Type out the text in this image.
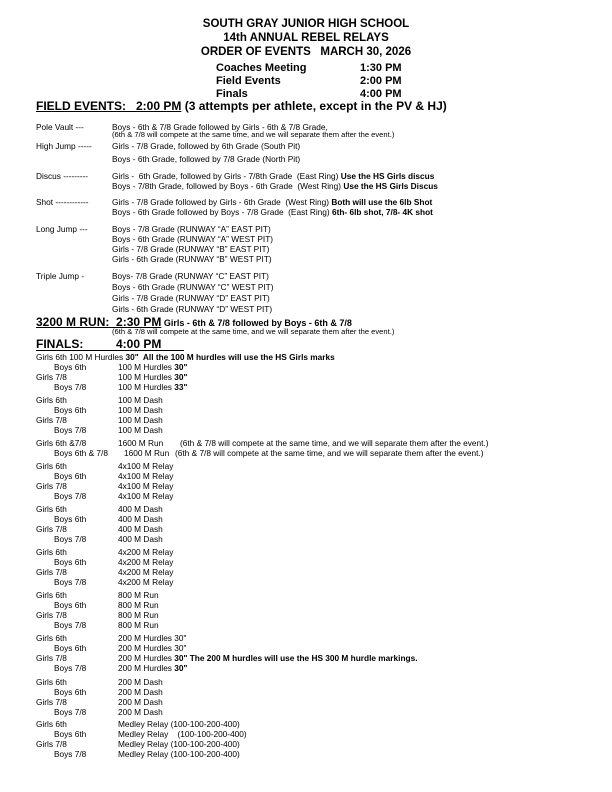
SOUTH GRAY JUNIOR HIGH SCHOOL
14th ANNUAL REBEL RELAYS
ORDER OF EVENTS   MARCH 30, 2026
Coaches Meeting	1:30 PM
Field Events	2:00 PM
Finals	4:00 PM
FIELD EVENTS:   2:00 PM (3 attempts per athlete, except in the PV & HJ)
Pole Vault ---	Boys - 6th & 7/8 Grade followed by Girls - 6th & 7/8 Grade,
(6th & 7/8 will compete at the same time, and we will separate them after the event.)
High Jump ----- Girls - 7/8 Grade, followed by 6th Grade (South Pit)
Boys - 6th Grade, followed by 7/8 Grade (North Pit)
Discus ---------	Girls -  6th Grade, followed by Girls - 7/8th Grade  (East Ring) Use the HS Girls discus
Boys - 7/8th Grade, followed by Boys - 6th Grade  (West Ring) Use the HS Girls Discus
Shot ------------	Girls - 7/8 Grade followed by Girls - 6th Grade  (West Ring) Both will use the 6lb Shot
Boys - 6th Grade followed by Boys - 7/8 Grade  (East Ring) 6th- 6lb shot, 7/8- 4K shot
Long Jump ---	Boys - 7/8 Grade (RUNWAY “A” EAST PIT)
Boys - 6th Grade (RUNWAY “A” WEST PIT)
Girls - 7/8 Grade (RUNWAY “B” EAST PIT)
Girls - 6th Grade (RUNWAY “B” WEST PIT)
Triple Jump -	Boys- 7/8 Grade (RUNWAY “C” EAST PIT)
Boys - 6th Grade (RUNWAY “C” WEST PIT)
Girls - 7/8 Grade (RUNWAY “D” EAST PIT)
Girls - 6th Grade (RUNWAY “D” WEST PIT)
3200 M RUN:  2:30 PM Girls - 6th & 7/8 followed by Boys - 6th & 7/8
(6th & 7/8 will compete at the same time, and we will separate them after the event.)
FINALS:	4:00 PM
Girls 6th 100 M Hurdles 30"  All the 100 M hurdles will use the HS Girls marks
Boys 6th	100 M Hurdles 30"
Girls 7/8	100 M Hurdles 30"
Boys 7/8	100 M Hurdles 33"
Girls 6th	100 M Dash
Boys 6th	100 M Dash
Girls 7/8	100 M Dash
Boys 7/8	100 M Dash
Girls 6th &7/8	1600 M Run (6th & 7/8 will compete at the same time, and we will separate them after the event.)
Boys 6th & 7/8 1600 M Run (6th & 7/8 will compete at the same time, and we will separate them after the event.)
Girls 6th	4x100 M Relay
Boys 6th	4x100 M Relay
Girls 7/8	4x100 M Relay
Boys 7/8	4x100 M Relay
Girls 6th	400 M Dash
Boys 6th	400 M Dash
Girls 7/8	400 M Dash
Boys 7/8	400 M Dash
Girls 6th	4x200 M Relay
Boys 6th	4x200 M Relay
Girls 7/8	4x200 M Relay
Boys 7/8	4x200 M Relay
Girls 6th	800 M Run
Boys 6th	800 M Run
Girls 7/8	800 M Run
Boys 7/8	800 M Run
Girls 6th	200 M Hurdles 30"
Boys 6th	200 M Hurdles 30"
Girls 7/8	200 M Hurdles 30" The 200 M hurdles will use the HS 300 M hurdle markings.
Boys 7/8	200 M Hurdles 30"
Girls 6th	200 M Dash
Boys 6th	200 M Dash
Girls 7/8	200 M Dash
Boys 7/8	200 M Dash
Girls 6th	Medley Relay (100-100-200-400)
Boys 6th	Medley Relay    (100-100-200-400)
Girls 7/8	Medley Relay (100-100-200-400)
Boys 7/8	Medley Relay (100-100-200-400)
